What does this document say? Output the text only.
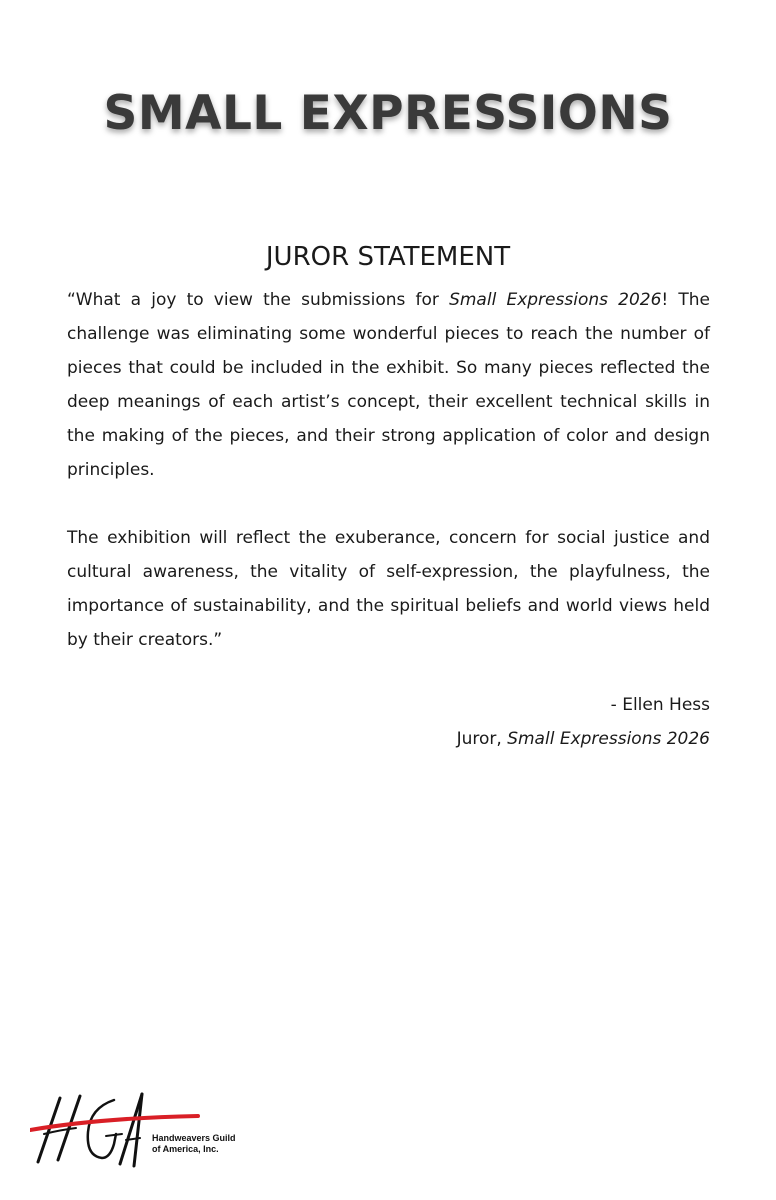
SMALL EXPRESSIONS
JUROR STATEMENT

“What a joy to view the submissions for Small Expressions 2026! The challenge was eliminating some wonderful pieces to reach the number of pieces that could be included in the exhibit. So many pieces reflected the deep meanings of each artist’s concept, their excellent technical skills in the making of the pieces, and their strong application of color and design principles.

The exhibition will reflect the exuberance, concern for social justice and cultural awareness, the vitality of self-expression, the playfulness, the importance of sustainability, and the spiritual beliefs and world views held by their creators.”

- Ellen Hess
Juror, Small Expressions 2026
Handweavers Guild
of America, Inc.
